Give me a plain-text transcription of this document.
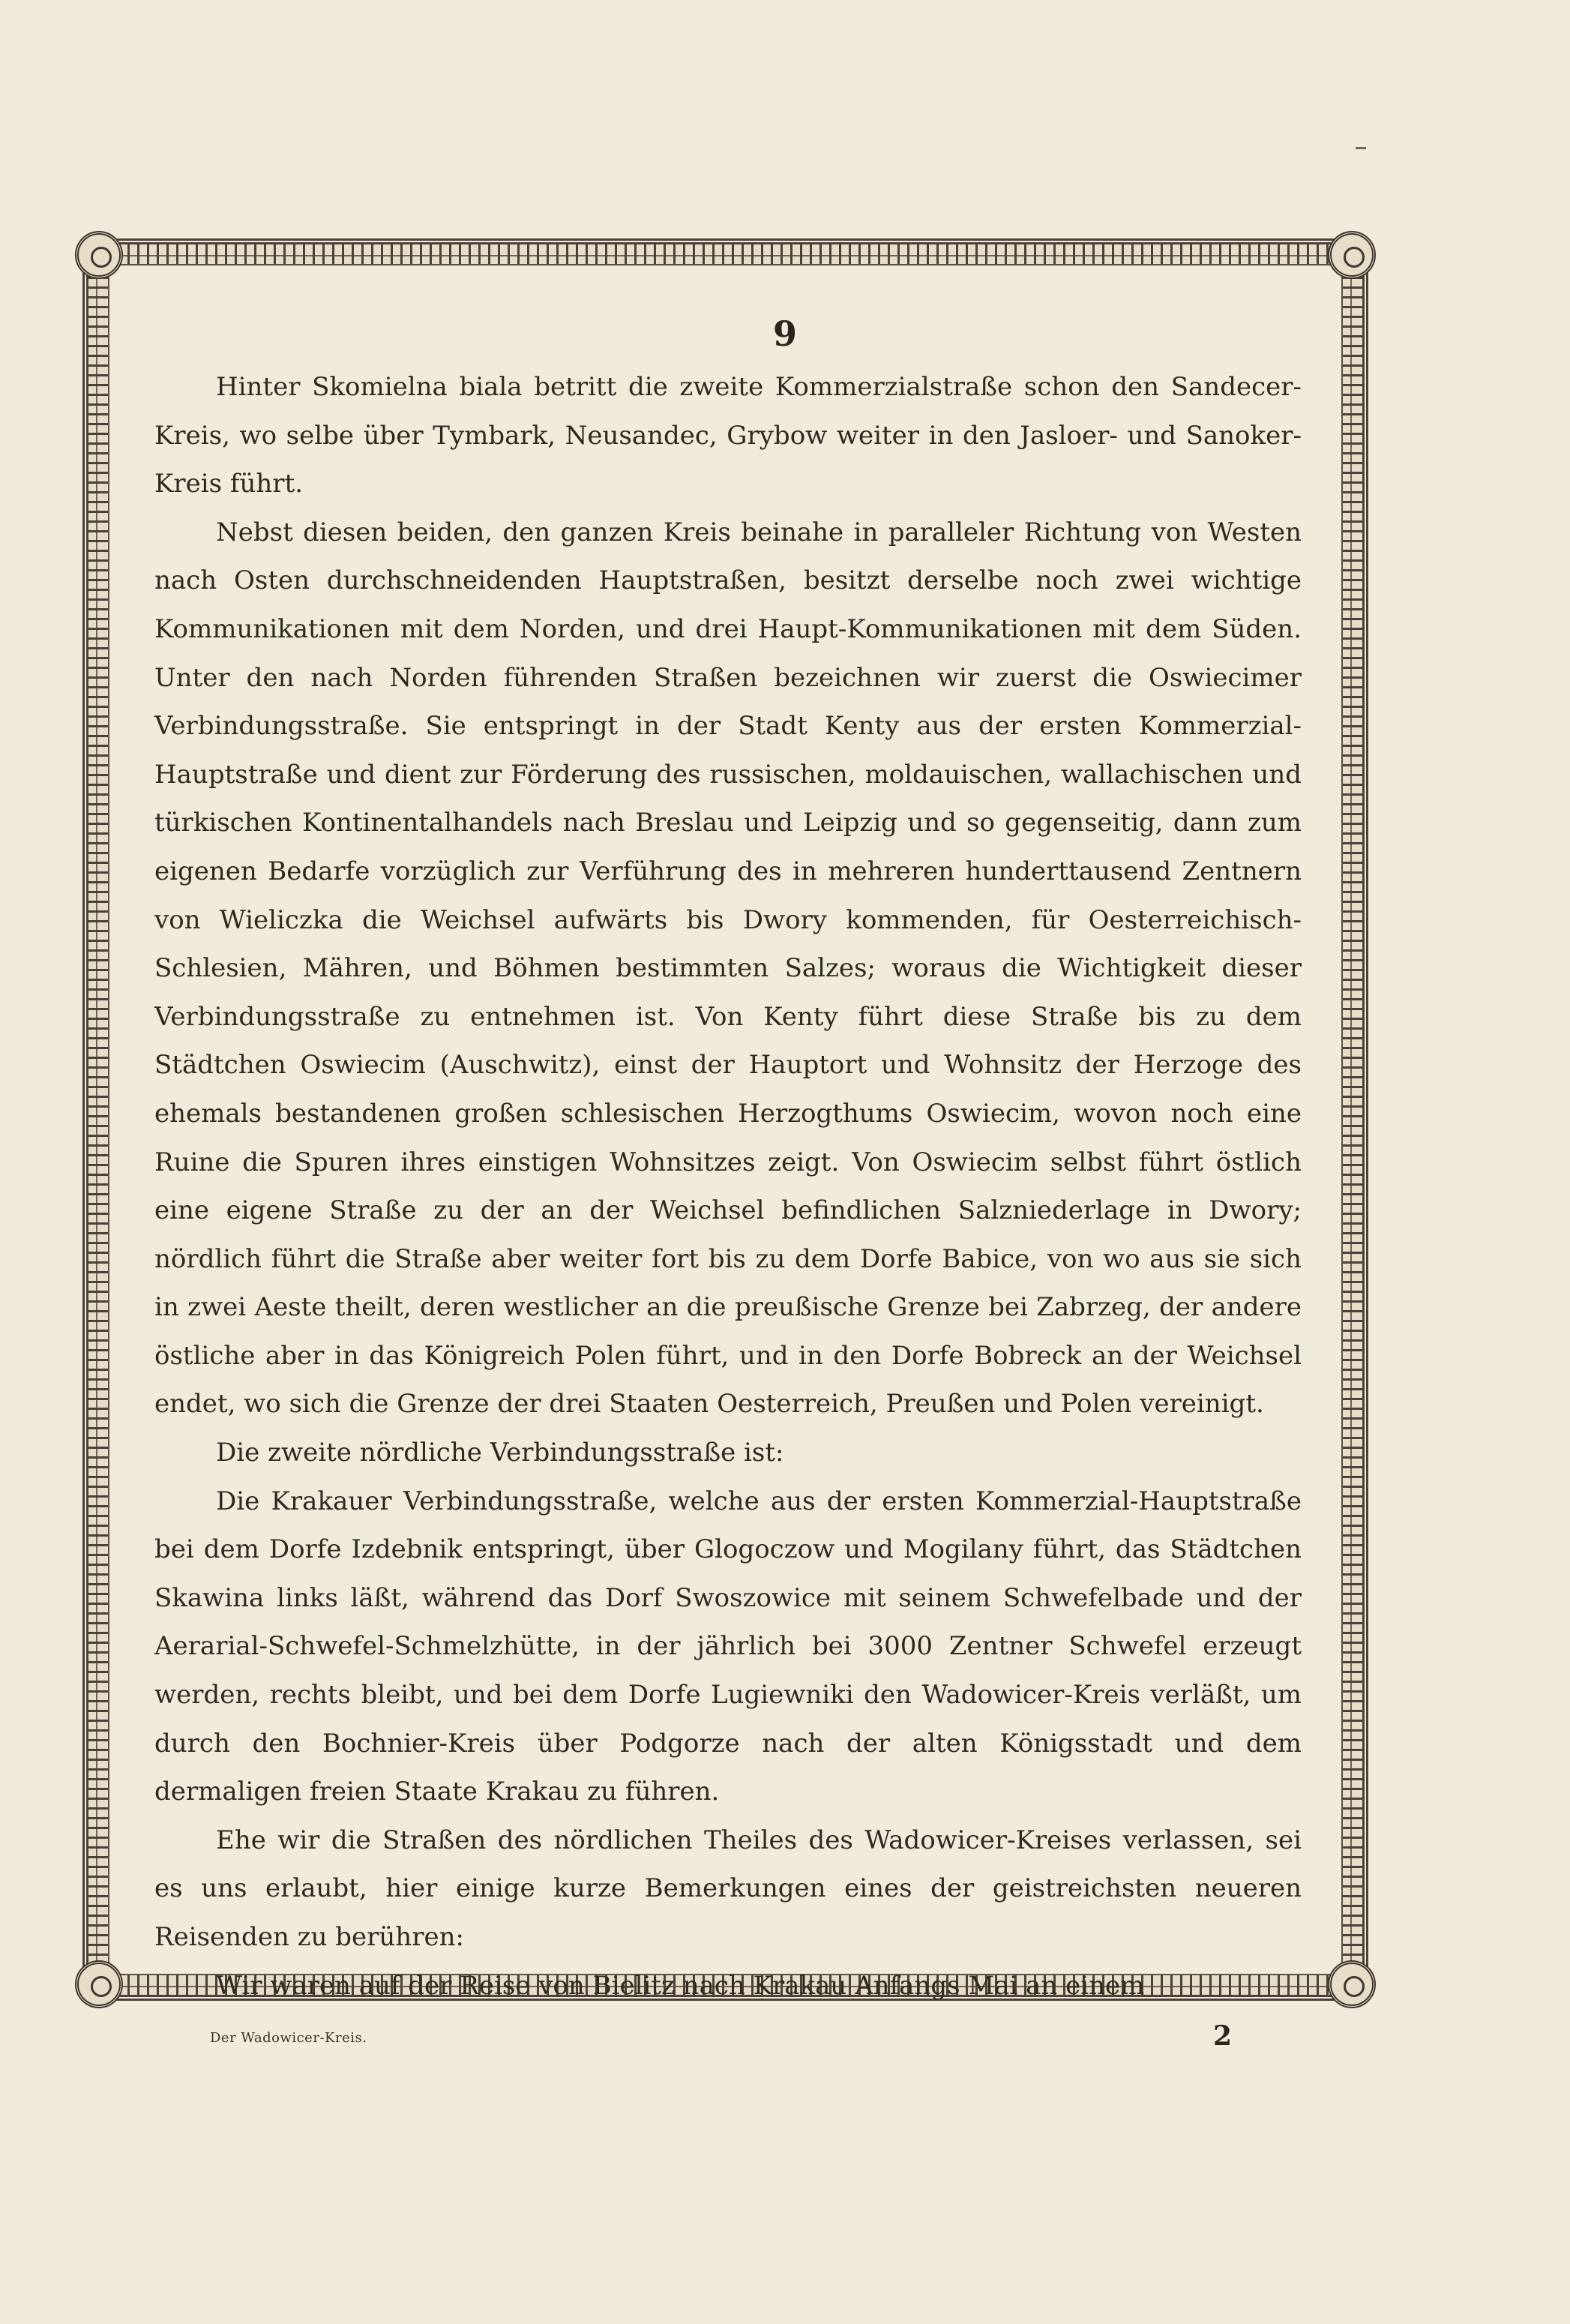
9

Hinter Skomielna biala betritt die zweite Kommerzialstraße schon den Sandecer-Kreis, wo selbe über Tymbark, Neusandec, Grybow weiter in den Jasloer- und Sanoker-Kreis führt.

Nebst diesen beiden, den ganzen Kreis beinahe in paralleler Richtung von Westen nach Osten durchschneidenden Hauptstraßen, besitzt derselbe noch zwei wichtige Kommunikationen mit dem Norden, und drei Haupt-Kommunikationen mit dem Süden. Unter den nach Norden führenden Straßen bezeichnen wir zuerst die Oswiecimer Verbindungsstraße. Sie entspringt in der Stadt Kenty aus der ersten Kommerzial-Hauptstraße und dient zur Förderung des russischen, moldauischen, wallachischen und türkischen Kontinentalhandels nach Breslau und Leipzig und so gegenseitig, dann zum eigenen Bedarfe vorzüglich zur Verführung des in mehreren hunderttausend Zentnern von Wieliczka die Weichsel aufwärts bis Dwory kommenden, für Oesterreichisch-Schlesien, Mähren, und Böhmen bestimmten Salzes; woraus die Wichtigkeit dieser Verbindungsstraße zu entnehmen ist. Von Kenty führt diese Straße bis zu dem Städtchen Oswiecim (Auschwitz), einst der Hauptort und Wohnsitz der Herzoge des ehemals bestandenen großen schlesischen Herzogthums Oswiecim, wovon noch eine Ruine die Spuren ihres einstigen Wohnsitzes zeigt. Von Oswiecim selbst führt östlich eine eigene Straße zu der an der Weichsel befindlichen Salzniederlage in Dwory; nördlich führt die Straße aber weiter fort bis zu dem Dorfe Babice, von wo aus sie sich in zwei Aeste theilt, deren westlicher an die preußische Grenze bei Zabrzeg, der andere östliche aber in das Königreich Polen führt, und in den Dorfe Bobreck an der Weichsel endet, wo sich die Grenze der drei Staaten Oesterreich, Preußen und Polen vereinigt.

Die zweite nördliche Verbindungsstraße ist:

Die Krakauer Verbindungsstraße, welche aus der ersten Kommerzial-Hauptstraße bei dem Dorfe Izdebnik entspringt, über Glogoczow und Mogilany führt, das Städtchen Skawina links läßt, während das Dorf Swoszowice mit seinem Schwefelbade und der Aerarial-Schwefel-Schmelzhütte, in der jährlich bei 3000 Zentner Schwefel erzeugt werden, rechts bleibt, und bei dem Dorfe Lugiewniki den Wadowicer-Kreis verläßt, um durch den Bochnier-Kreis über Podgorze nach der alten Königsstadt und dem dermaligen freien Staate Krakau zu führen.

Ehe wir die Straßen des nördlichen Theiles des Wadowicer-Kreises verlassen, sei es uns erlaubt, hier einige kurze Bemerkungen eines der geistreichsten neueren Reisenden zu berühren:

Wir waren auf der Reise von Bielitz nach Krakau Anfangs Mai an einem

Der Wadowicer-Kreis.	2
